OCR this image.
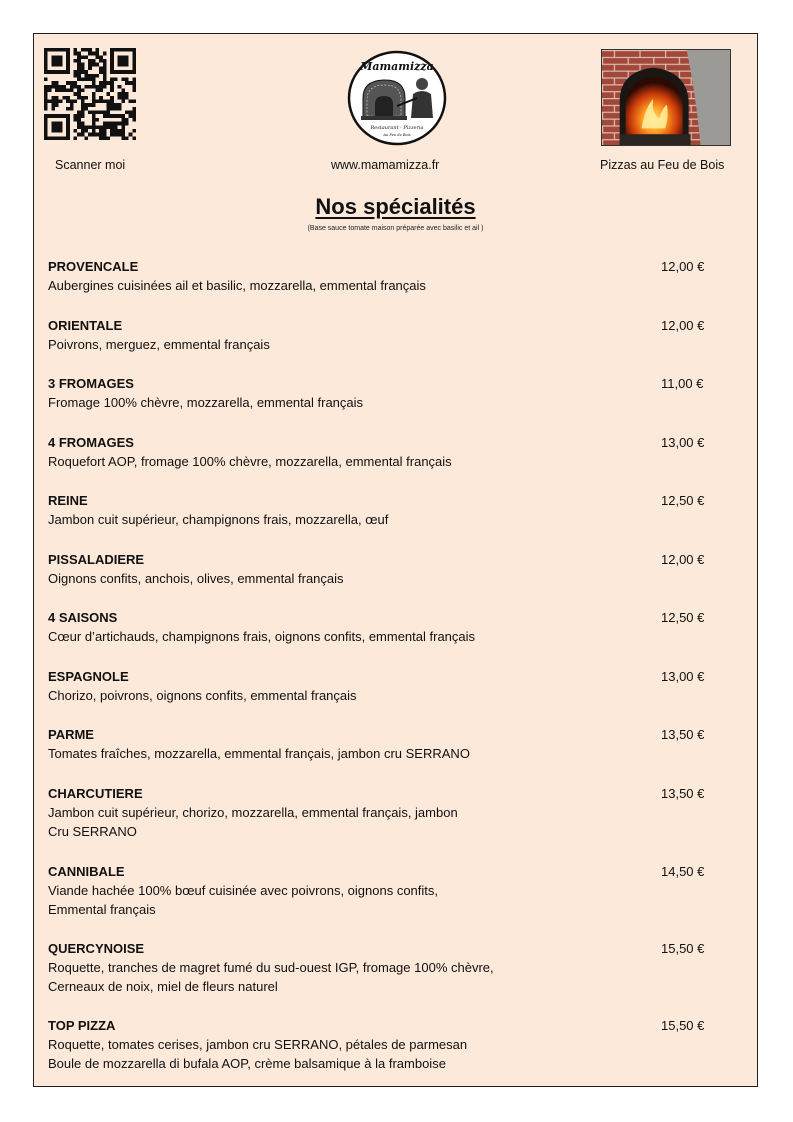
Mamamizza
Restaurant · Pizzeria
Au Feu de Bois
Scanner moi	www.mamamizza.fr	Pizzas au Feu de Bois
Nos spécialités
(Base sauce tomate maison préparée avec basilic et ail )
PROVENCALE
Aubergines cuisinées ail et basilic, mozzarella, emmental français
12,00 €
ORIENTALE
Poivrons, merguez, emmental français
12,00 €
3 FROMAGES
Fromage 100% chèvre, mozzarella, emmental français
11,00 €
4 FROMAGES
Roquefort AOP, fromage 100% chèvre, mozzarella, emmental français
13,00 €
REINE
Jambon cuit supérieur, champignons frais, mozzarella, œuf
12,50 €
PISSALADIERE
Oignons confits, anchois, olives, emmental français
12,00 €
4 SAISONS
Cœur d’artichauds, champignons frais, oignons confits, emmental français
12,50 €
ESPAGNOLE
Chorizo, poivrons, oignons confits, emmental français
13,00 €
PARME
Tomates fraîches, mozzarella, emmental français, jambon cru SERRANO
13,50 €
CHARCUTIERE
Jambon cuit supérieur, chorizo, mozzarella, emmental français, jambon
Cru SERRANO
13,50 €
CANNIBALE
Viande hachée 100% bœuf cuisinée avec poivrons, oignons confits,
Emmental français
14,50 €
QUERCYNOISE
Roquette, tranches de magret fumé du sud-ouest IGP, fromage 100% chèvre,
Cerneaux de noix, miel de fleurs naturel
15,50 €
TOP PIZZA
Roquette, tomates cerises, jambon cru SERRANO, pétales de parmesan
Boule de mozzarella di bufala AOP, crème balsamique à la framboise
15,50 €
